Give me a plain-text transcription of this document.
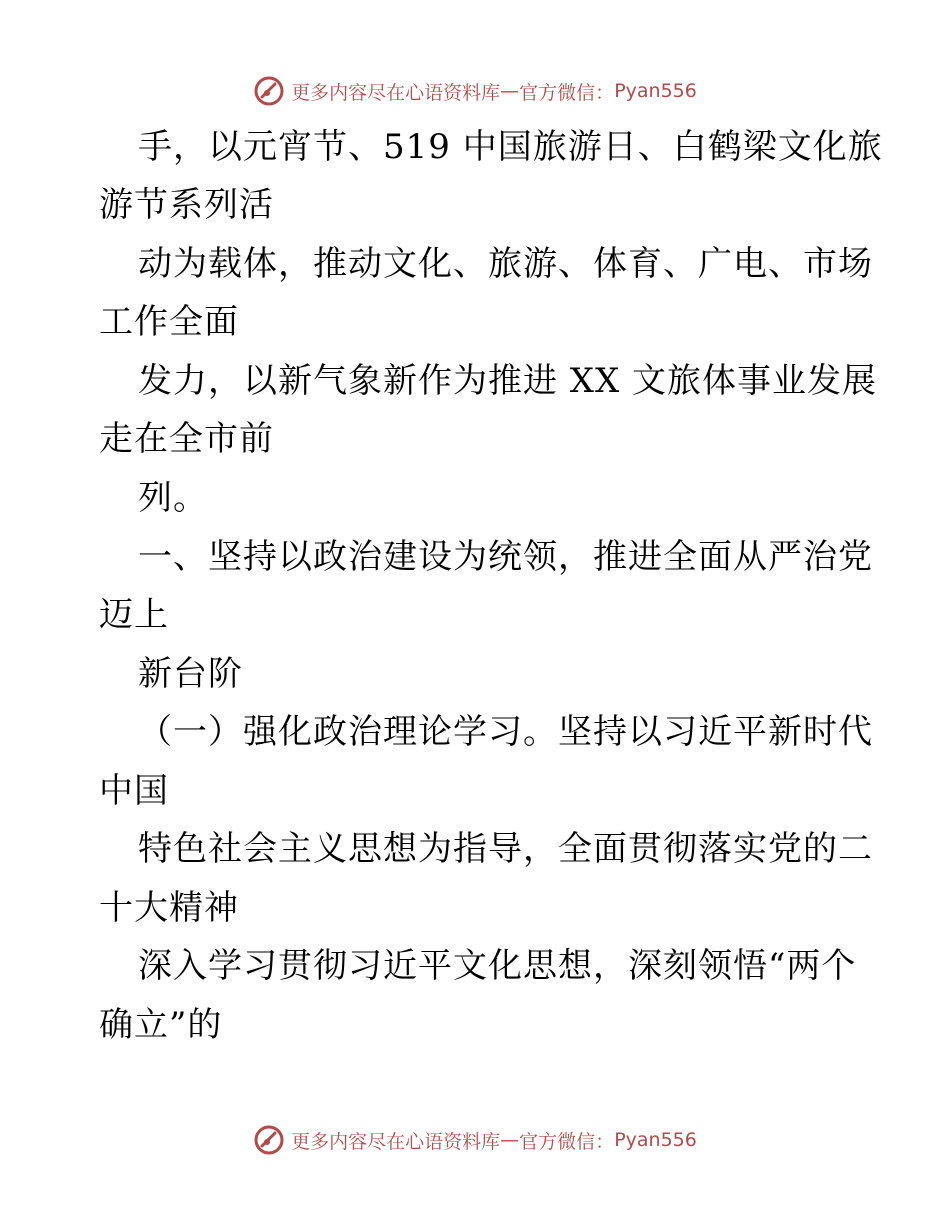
更多内容尽在心语资料库 — 官方微信： Pyan556
手，以元宵节、519 中国旅游日、白鹤梁文化旅
游节系列活
动为载体，推动文化、旅游、体育、广电、市场
工作全面
发力，以新气象新作为推进 XX 文旅体事业发展
走在全市前
列。
一、坚持以政治建设为统领，推进全面从严治党
迈上
新台阶
（一）强化政治理论学习。坚持以习近平新时代
中国
特色社会主义思想为指导，全面贯彻落实党的二
十大精神
深入学习贯彻习近平文化思想，深刻领悟“两个
确立”的
更多内容尽在心语资料库 — 官方微信： Pyan556
